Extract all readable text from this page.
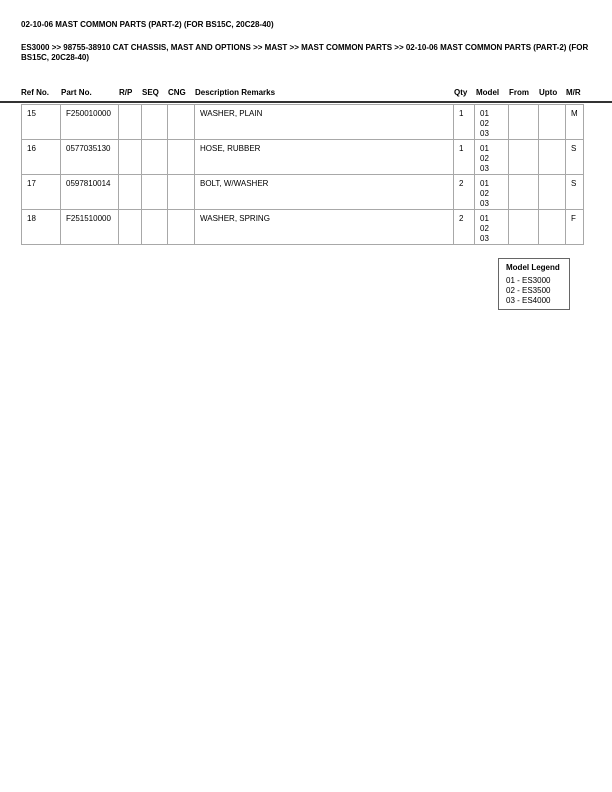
02-10-06 MAST COMMON PARTS (PART-2) (FOR BS15C, 20C28-40)
ES3000 >> 98755-38910 CAT CHASSIS, MAST AND OPTIONS >> MAST >> MAST COMMON PARTS >> 02-10-06 MAST COMMON PARTS (PART-2) (FOR BS15C, 20C28-40)
Ref No. Part No.	R/P SEQ CNG Description Remarks	Qty Model From Upto M/R
15	F250010000				WASHER, PLAIN	1	01
02
03			M
16	0577035130				HOSE, RUBBER	1	01
02
03			S
17	0597810014				BOLT, W/WASHER	2	01
02
03			S
18	F251510000				WASHER, SPRING	2	01
02
03			F
Model Legend
01 - ES3000
02 - ES3500
03 - ES4000
